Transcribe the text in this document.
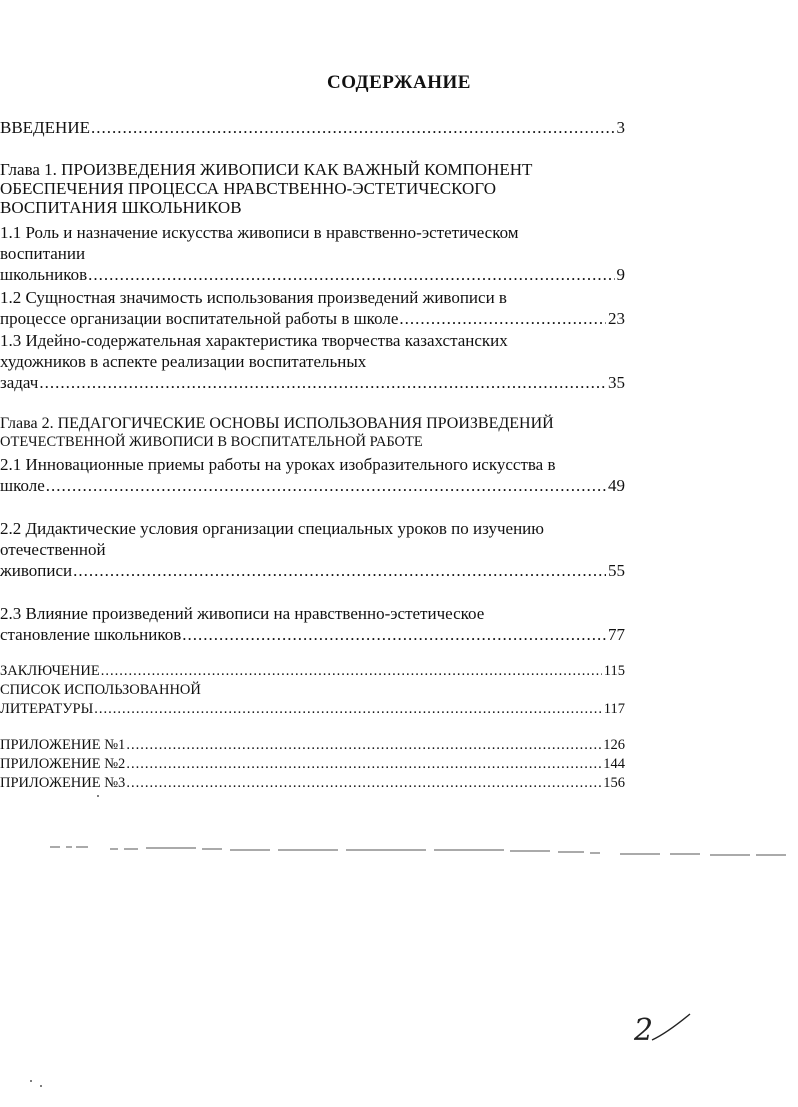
СОДЕРЖАНИЕ
ВВЕДЕНИЕ .....	3
Глава 1. ПРОИЗВЕДЕНИЯ ЖИВОПИСИ КАК ВАЖНЫЙ КОМПОНЕНТ
ОБЕСПЕЧЕНИЯ ПРОЦЕССА НРАВСТВЕННО-ЭСТЕТИЧЕСКОГО
ВОСПИТАНИЯ ШКОЛЬНИКОВ
1.1 Роль и назначение искусства живописи в нравственно-эстетическом
воспитании
школьников .....	9
1.2 Сущностная значимость использования произведений живописи в
процессе организации воспитательной работы в школе .....	23
1.3 Идейно-содержательная характеристика творчества казахстанских
художников в аспекте реализации воспитательных
задач .....	35
Глава 2. ПЕДАГОГИЧЕСКИЕ ОСНОВЫ ИСПОЛЬЗОВАНИЯ ПРОИЗВЕДЕНИЙ
ОТЕЧЕСТВЕННОЙ ЖИВОПИСИ В ВОСПИТАТЕЛЬНОЙ РАБОТЕ
2.1 Инновационные приемы работы на уроках изобразительного искусства в
школе .....	49
2.2 Дидактические условия организации специальных уроков по изучению
отечественной
живописи .....	55
2.3 Влияние произведений живописи на нравственно-эстетическое
становление школьников .....	77
ЗАКЛЮЧЕНИЕ .....	115
СПИСОК ИСПОЛЬЗОВАННОЙ
ЛИТЕРАТУРЫ .....	117
ПРИЛОЖЕНИЕ №1 .....	126
ПРИЛОЖЕНИЕ №2 .....	144
ПРИЛОЖЕНИЕ №3 .....	156
2
